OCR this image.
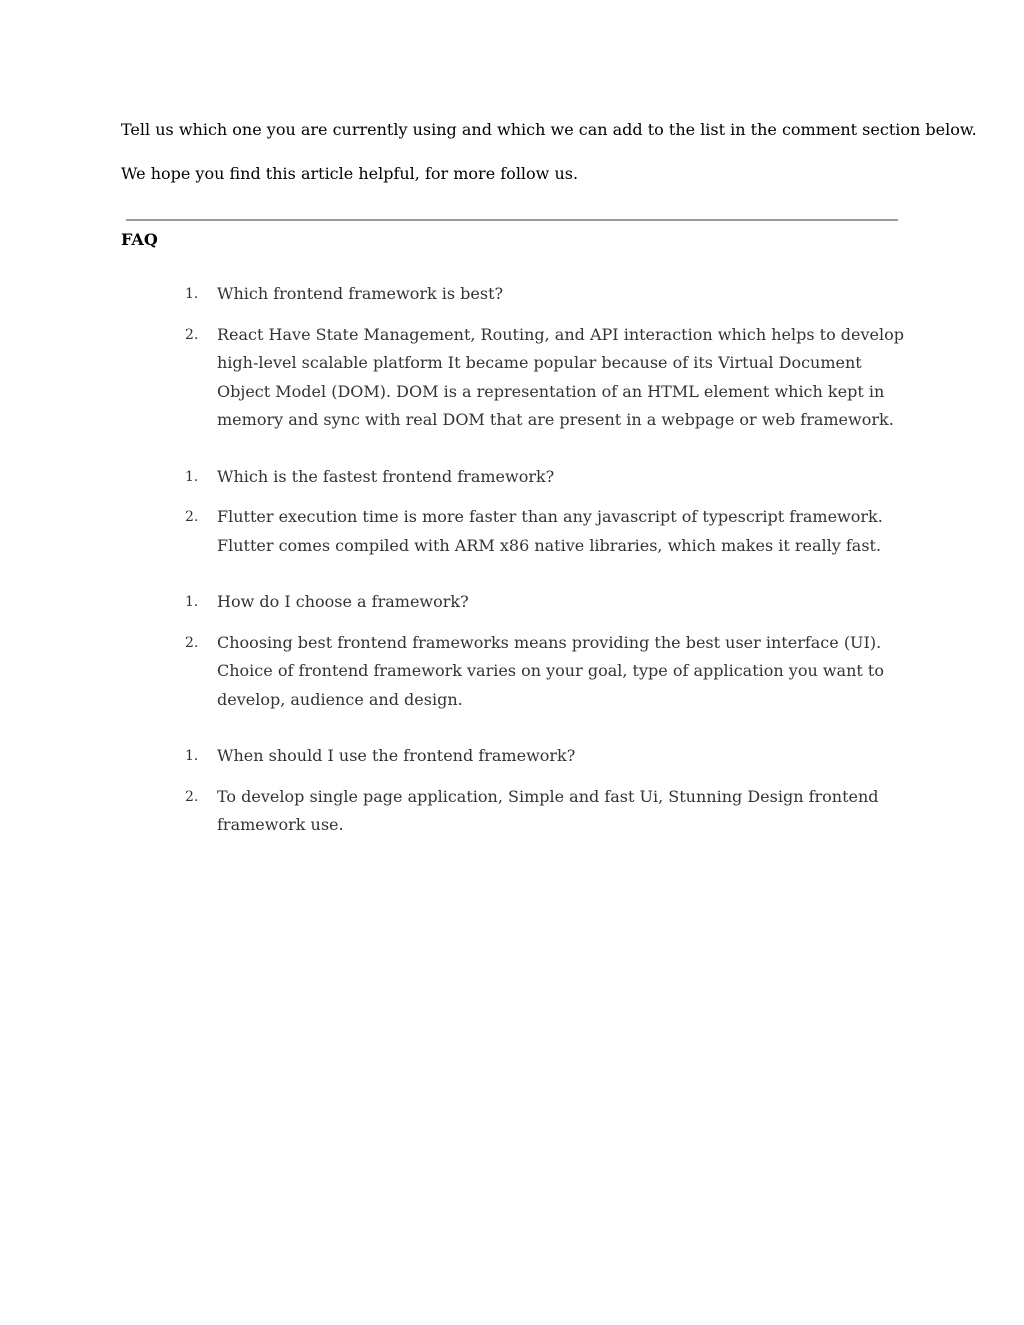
Tell us which one you are currently using and which we can add to the list in the comment section below.

We hope you find this article helpful, for more follow us.

FAQ
1.	Which frontend framework is best?
2.	React Have State Management, Routing, and API interaction which helps to develop high-level scalable platform It became popular because of its Virtual Document Object Model (DOM). DOM is a representation of an HTML element which kept in memory and sync with real DOM that are present in a webpage or web framework.
1.	Which is the fastest frontend framework?
2.	Flutter execution time is more faster than any javascript of typescript framework. Flutter comes compiled with ARM x86 native libraries, which makes it really fast.
1.	How do I choose a framework?
2.	Choosing best frontend frameworks means providing the best user interface (UI). Choice of frontend framework varies on your goal, type of application you want to develop, audience and design.
1.	When should I use the frontend framework?
2.	To develop single page application, Simple and fast Ui, Stunning Design frontend framework use.
